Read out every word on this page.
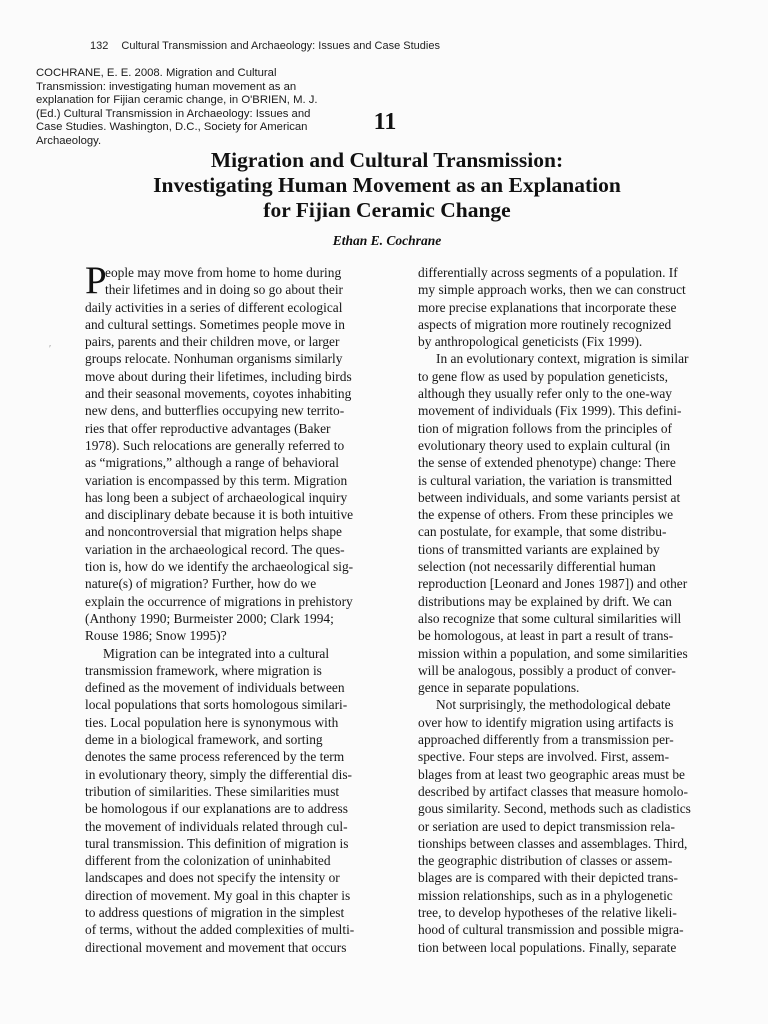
132 Cultural Transmission and Archaeology: Issues and Case Studies
COCHRANE, E. E. 2008. Migration and Cultural
Transmission: investigating human movement as an
explanation for Fijian ceramic change, in O'BRIEN, M. J.
(Ed.) Cultural Transmission in Archaeology: Issues and
Case Studies. Washington, D.C., Society for American
Archaeology.
11
Migration and Cultural Transmission:
Investigating Human Movement as an Explanation
for Fijian Ceramic Change
Ethan E. Cochrane
′
P
eople may move from home to home during
their lifetimes and in doing so go about their
daily activities in a series of different ecological
and cultural settings. Sometimes people move in
pairs, parents and their children move, or larger
groups relocate. Nonhuman organisms similarly
move about during their lifetimes, including birds
and their seasonal movements, coyotes inhabiting
new dens, and butterflies occupying new territo-
ries that offer reproductive advantages (Baker
1978). Such relocations are generally referred to
as “migrations,” although a range of behavioral
variation is encompassed by this term. Migration
has long been a subject of archaeological inquiry
and disciplinary debate because it is both intuitive
and noncontroversial that migration helps shape
variation in the archaeological record. The ques-
tion is, how do we identify the archaeological sig-
nature(s) of migration? Further, how do we
explain the occurrence of migrations in prehistory
(Anthony 1990; Burmeister 2000; Clark 1994;
Rouse 1986; Snow 1995)?
Migration can be integrated into a cultural
transmission framework, where migration is
defined as the movement of individuals between
local populations that sorts homologous similari-
ties. Local population here is synonymous with
deme in a biological framework, and sorting
denotes the same process referenced by the term
in evolutionary theory, simply the differential dis-
tribution of similarities. These similarities must
be homologous if our explanations are to address
the movement of individuals related through cul-
tural transmission. This definition of migration is
different from the colonization of uninhabited
landscapes and does not specify the intensity or
direction of movement. My goal in this chapter is
to address questions of migration in the simplest
of terms, without the added complexities of multi-
directional movement and movement that occurs
differentially across segments of a population. If
my simple approach works, then we can construct
more precise explanations that incorporate these
aspects of migration more routinely recognized
by anthropological geneticists (Fix 1999).
In an evolutionary context, migration is similar
to gene flow as used by population geneticists,
although they usually refer only to the one-way
movement of individuals (Fix 1999). This defini-
tion of migration follows from the principles of
evolutionary theory used to explain cultural (in
the sense of extended phenotype) change: There
is cultural variation, the variation is transmitted
between individuals, and some variants persist at
the expense of others. From these principles we
can postulate, for example, that some distribu-
tions of transmitted variants are explained by
selection (not necessarily differential human
reproduction [Leonard and Jones 1987]) and other
distributions may be explained by drift. We can
also recognize that some cultural similarities will
be homologous, at least in part a result of trans-
mission within a population, and some similarities
will be analogous, possibly a product of conver-
gence in separate populations.
Not surprisingly, the methodological debate
over how to identify migration using artifacts is
approached differently from a transmission per-
spective. Four steps are involved. First, assem-
blages from at least two geographic areas must be
described by artifact classes that measure homolo-
gous similarity. Second, methods such as cladistics
or seriation are used to depict transmission rela-
tionships between classes and assemblages. Third,
the geographic distribution of classes or assem-
blages are is compared with their depicted trans-
mission relationships, such as in a phylogenetic
tree, to develop hypotheses of the relative likeli-
hood of cultural transmission and possible migra-
tion between local populations. Finally, separate
